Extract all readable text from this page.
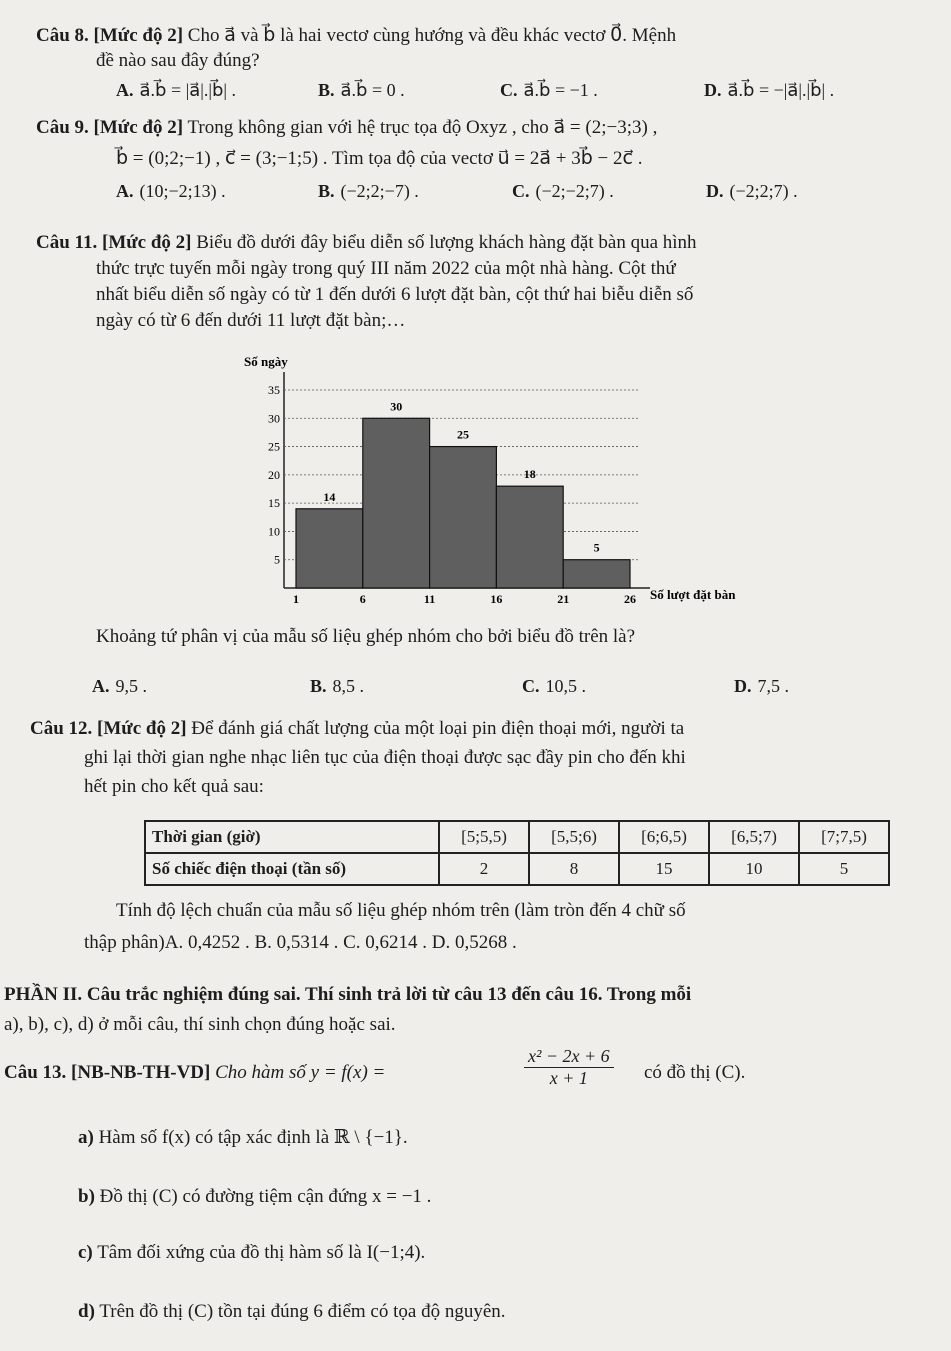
Câu 8. [Mức độ 2] Cho a⃗ và b⃗ là hai vectơ cùng hướng và đều khác vectơ 0⃗. Mệnh
đề nào sau đây đúng?
A. a⃗.b⃗ = |a⃗|.|b⃗| .	B. a⃗.b⃗ = 0 .	C. a⃗.b⃗ = −1 .	D. a⃗.b⃗ = −|a⃗|.|b⃗| .
Câu 9. [Mức độ 2] Trong không gian với hệ trục tọa độ Oxyz , cho a⃗ = (2;−3;3) ,
b⃗ = (0;2;−1) , c⃗ = (3;−1;5) . Tìm tọa độ của vectơ u⃗ = 2a⃗ + 3b⃗ − 2c⃗ .
A. (10;−2;13) .	B. (−2;2;−7) .	C. (−2;−2;7) .	D. (−2;2;7) .
Câu 11. [Mức độ 2] Biểu đồ dưới đây biểu diễn số lượng khách hàng đặt bàn qua hình
thức trực tuyến mỗi ngày trong quý III năm 2022 của một nhà hàng. Cột thứ
nhất biểu diễn số ngày có từ 1 đến dưới 6 lượt đặt bàn, cột thứ hai biễu diễn số
ngày có từ 6 đến dưới 11 lượt đặt bàn;…
Số ngày
5
10
15
20
25
30
35
14
30
25
18
5
1	6	11	16	21	26 Số lượt đặt bàn
Khoảng tứ phân vị của mẫu số liệu ghép nhóm cho bởi biểu đồ trên là?
A. 9,5 .	B. 8,5 .	C. 10,5 .	D. 7,5 .
Câu 12. [Mức độ 2] Để đánh giá chất lượng của một loại pin điện thoại mới, người ta
ghi lại thời gian nghe nhạc liên tục của điện thoại được sạc đầy pin cho đến khi
hết pin cho kết quả sau:
Thời gian (giờ)	[5;5,5)	[5,5;6)	[6;6,5)	[6,5;7)	[7;7,5)
Số chiếc điện thoại (tần số)	2	8	15	10	5
Tính độ lệch chuẩn của mẫu số liệu ghép nhóm trên (làm tròn đến 4 chữ số
thập phân)A. 0,4252 . B. 0,5314 . C. 0,6214 . D. 0,5268 .
PHẦN II. Câu trắc nghiệm đúng sai. Thí sinh trả lời từ câu 13 đến câu 16. Trong mỗi
a), b), c), d) ở mỗi câu, thí sinh chọn đúng hoặc sai.
Câu 13. [NB-NB-TH-VD] Cho hàm số y = f(x) =	$\frac{\text{x² − 2x + 6}}{x + 1}$ có đồ thị (C).
a) Hàm số f(x) có tập xác định là ℝ \ {−1}.
b) Đồ thị (C) có đường tiệm cận đứng x = −1 .
c) Tâm đối xứng của đồ thị hàm số là I(−1;4).
d) Trên đồ thị (C) tồn tại đúng 6 điểm có tọa độ nguyên.
